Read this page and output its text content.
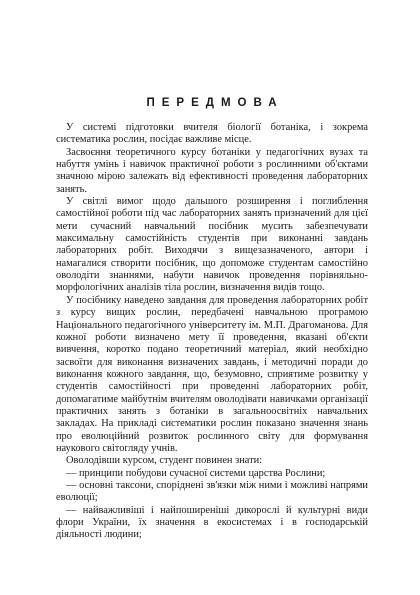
ПЕРЕДМОВА

У системі підготовки вчителя біології ботаніка, і зокрема систематика рослин, посідає важливе місце.

Засвоєння теоретичного курсу ботаніки у педагогічних вузах та набуття умінь і навичок практичної роботи з рослинними об'єктами значною мірою залежать від ефективності проведення лабораторних занять.

У світлі вимог щодо дальшого розширення і поглиблення самостійної роботи під час лабораторних занять призначений для цієї мети сучасний навчальний посібник мусить забезпечувати максимальну самостійність студентів при виконанні завдань лабораторних робіт. Виходячи з вищезазначеного, автори і намагалися створити посібник, що допоможе студентам самостійно оволодіти знаннями, набути навичок проведення порівняльно-морфологічних аналізів тіла рослин, визначення видів тощо.

У посібнику наведено завдання для проведення лабораторних робіт з курсу вищих рослин, передбачені навчальною програмою Національного педагогічного університету ім. М.П. Драгоманова. Для кожної роботи визначено мету її проведення, вказані об'єкти вивчення, коротко подано теоретичний матеріал, який необхідно засвоїти для виконання визначених завдань, і методичні поради до виконання кожного завдання, що, безумовно, сприятиме розвитку у студентів самостійності при проведенні лабораторних робіт, допомагатиме майбутнім вчителям оволодівати навичками організації практичних занять з ботаніки в загальноосвітніх навчальних закладах. На прикладі систематики рослин показано значення знань про еволюційний розвиток рослинного світу для формування наукового світогляду учнів.

Оволодівши курсом, студент повинен знати:

— принципи побудови сучасної системи царства Рослини;

— основні таксони, споріднені зв'язки між ними і можливі напрями еволюції;

— найважливіші і найпоширеніші дикорослі й культурні види флори України, їх значення в екосистемах і в господарській діяльності людини;
